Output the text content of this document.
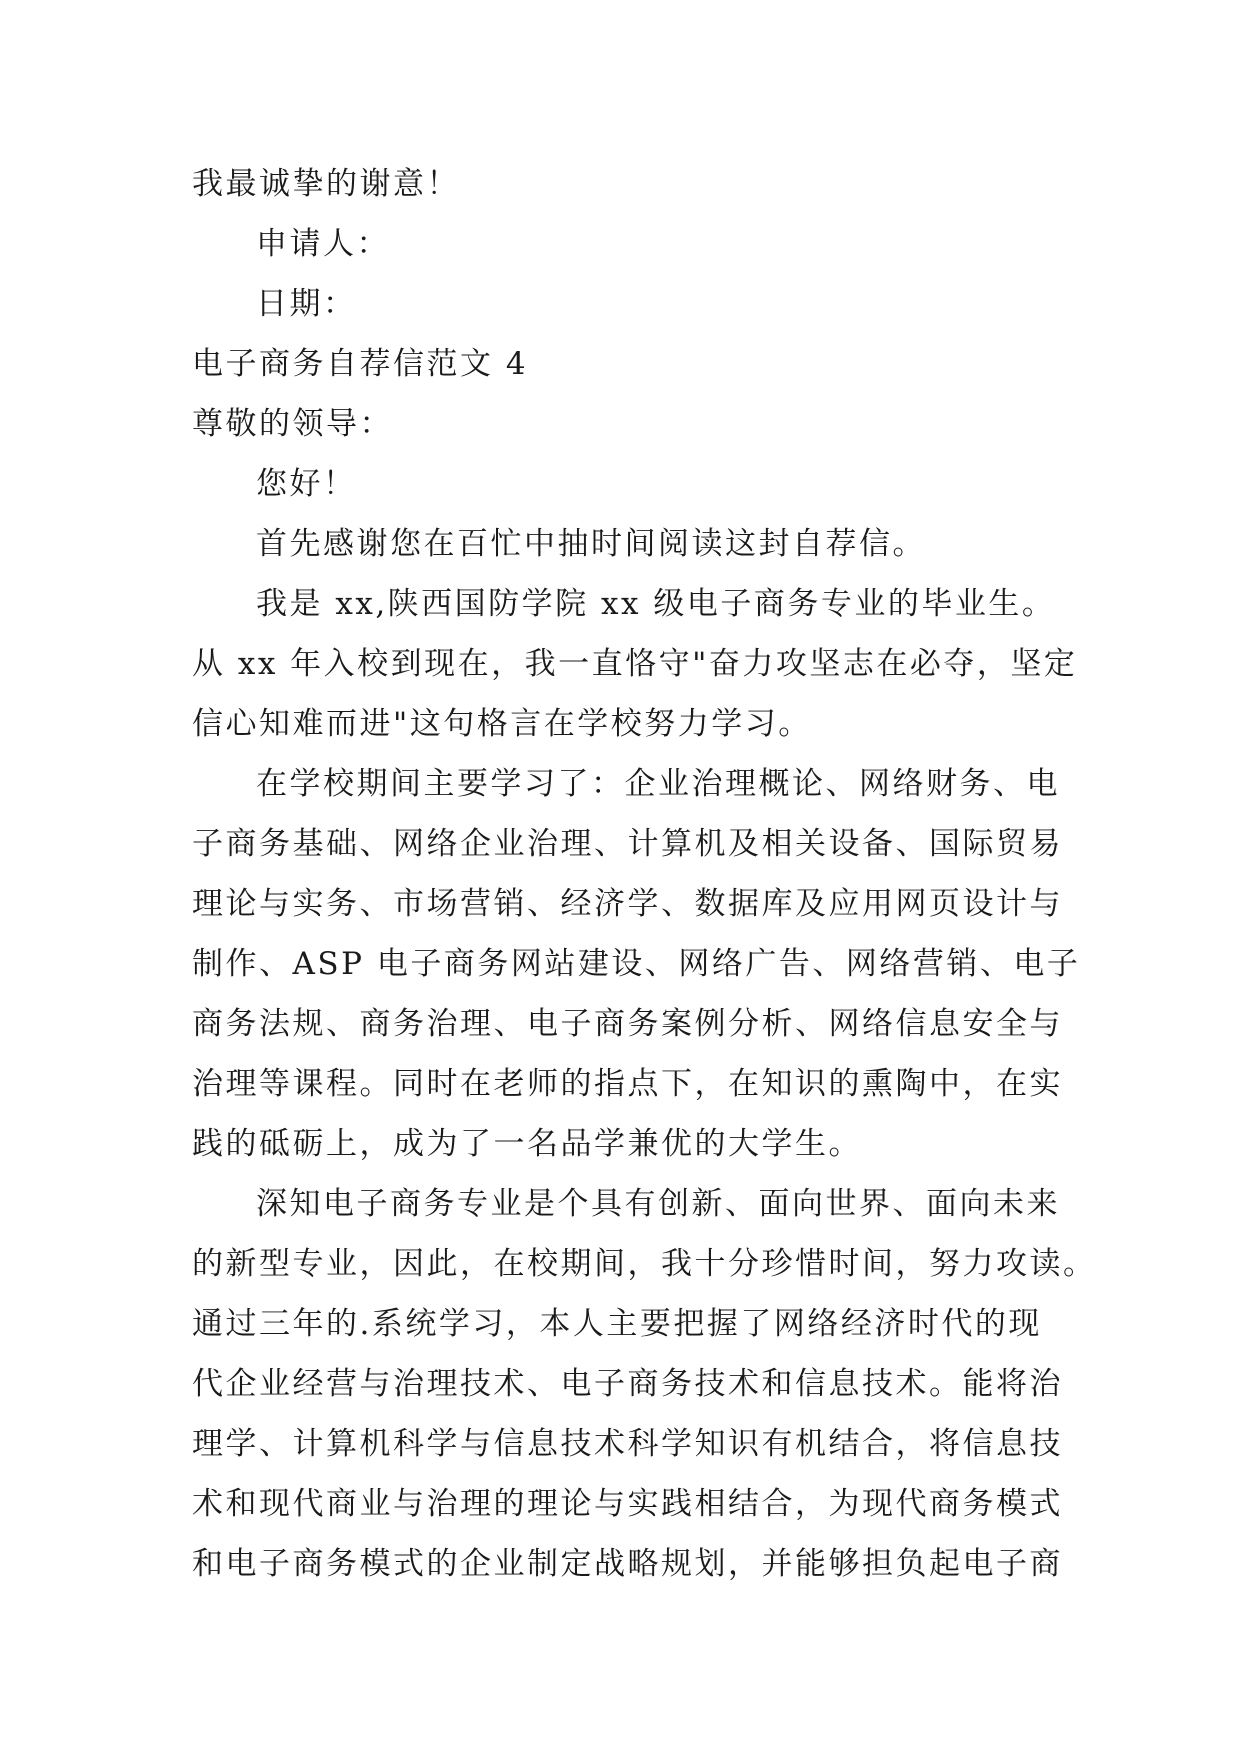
我最诚挚的谢意！
申请人：
日期：
电子商务自荐信范文 4
尊敬的领导：
您好！
首先感谢您在百忙中抽时间阅读这封自荐信。
我是 xx,陕西国防学院 xx 级电子商务专业的毕业生。
从 xx 年入校到现在，我一直恪守"奋力攻坚志在必夺，坚定
信心知难而进"这句格言在学校努力学习。
在学校期间主要学习了：企业治理概论、网络财务、电
子商务基础、网络企业治理、计算机及相关设备、国际贸易
理论与实务、市场营销、经济学、数据库及应用网页设计与
制作、ASP 电子商务网站建设、网络广告、网络营销、电子
商务法规、商务治理、电子商务案例分析、网络信息安全与
治理等课程。同时在老师的指点下，在知识的熏陶中，在实
践的砥砺上，成为了一名品学兼优的大学生。
深知电子商务专业是个具有创新、面向世界、面向未来
的新型专业，因此，在校期间，我十分珍惜时间，努力攻读。
通过三年的.系统学习，本人主要把握了网络经济时代的现
代企业经营与治理技术、电子商务技术和信息技术。能将治
理学、计算机科学与信息技术科学知识有机结合，将信息技
术和现代商业与治理的理论与实践相结合，为现代商务模式
和电子商务模式的企业制定战略规划，并能够担负起电子商
